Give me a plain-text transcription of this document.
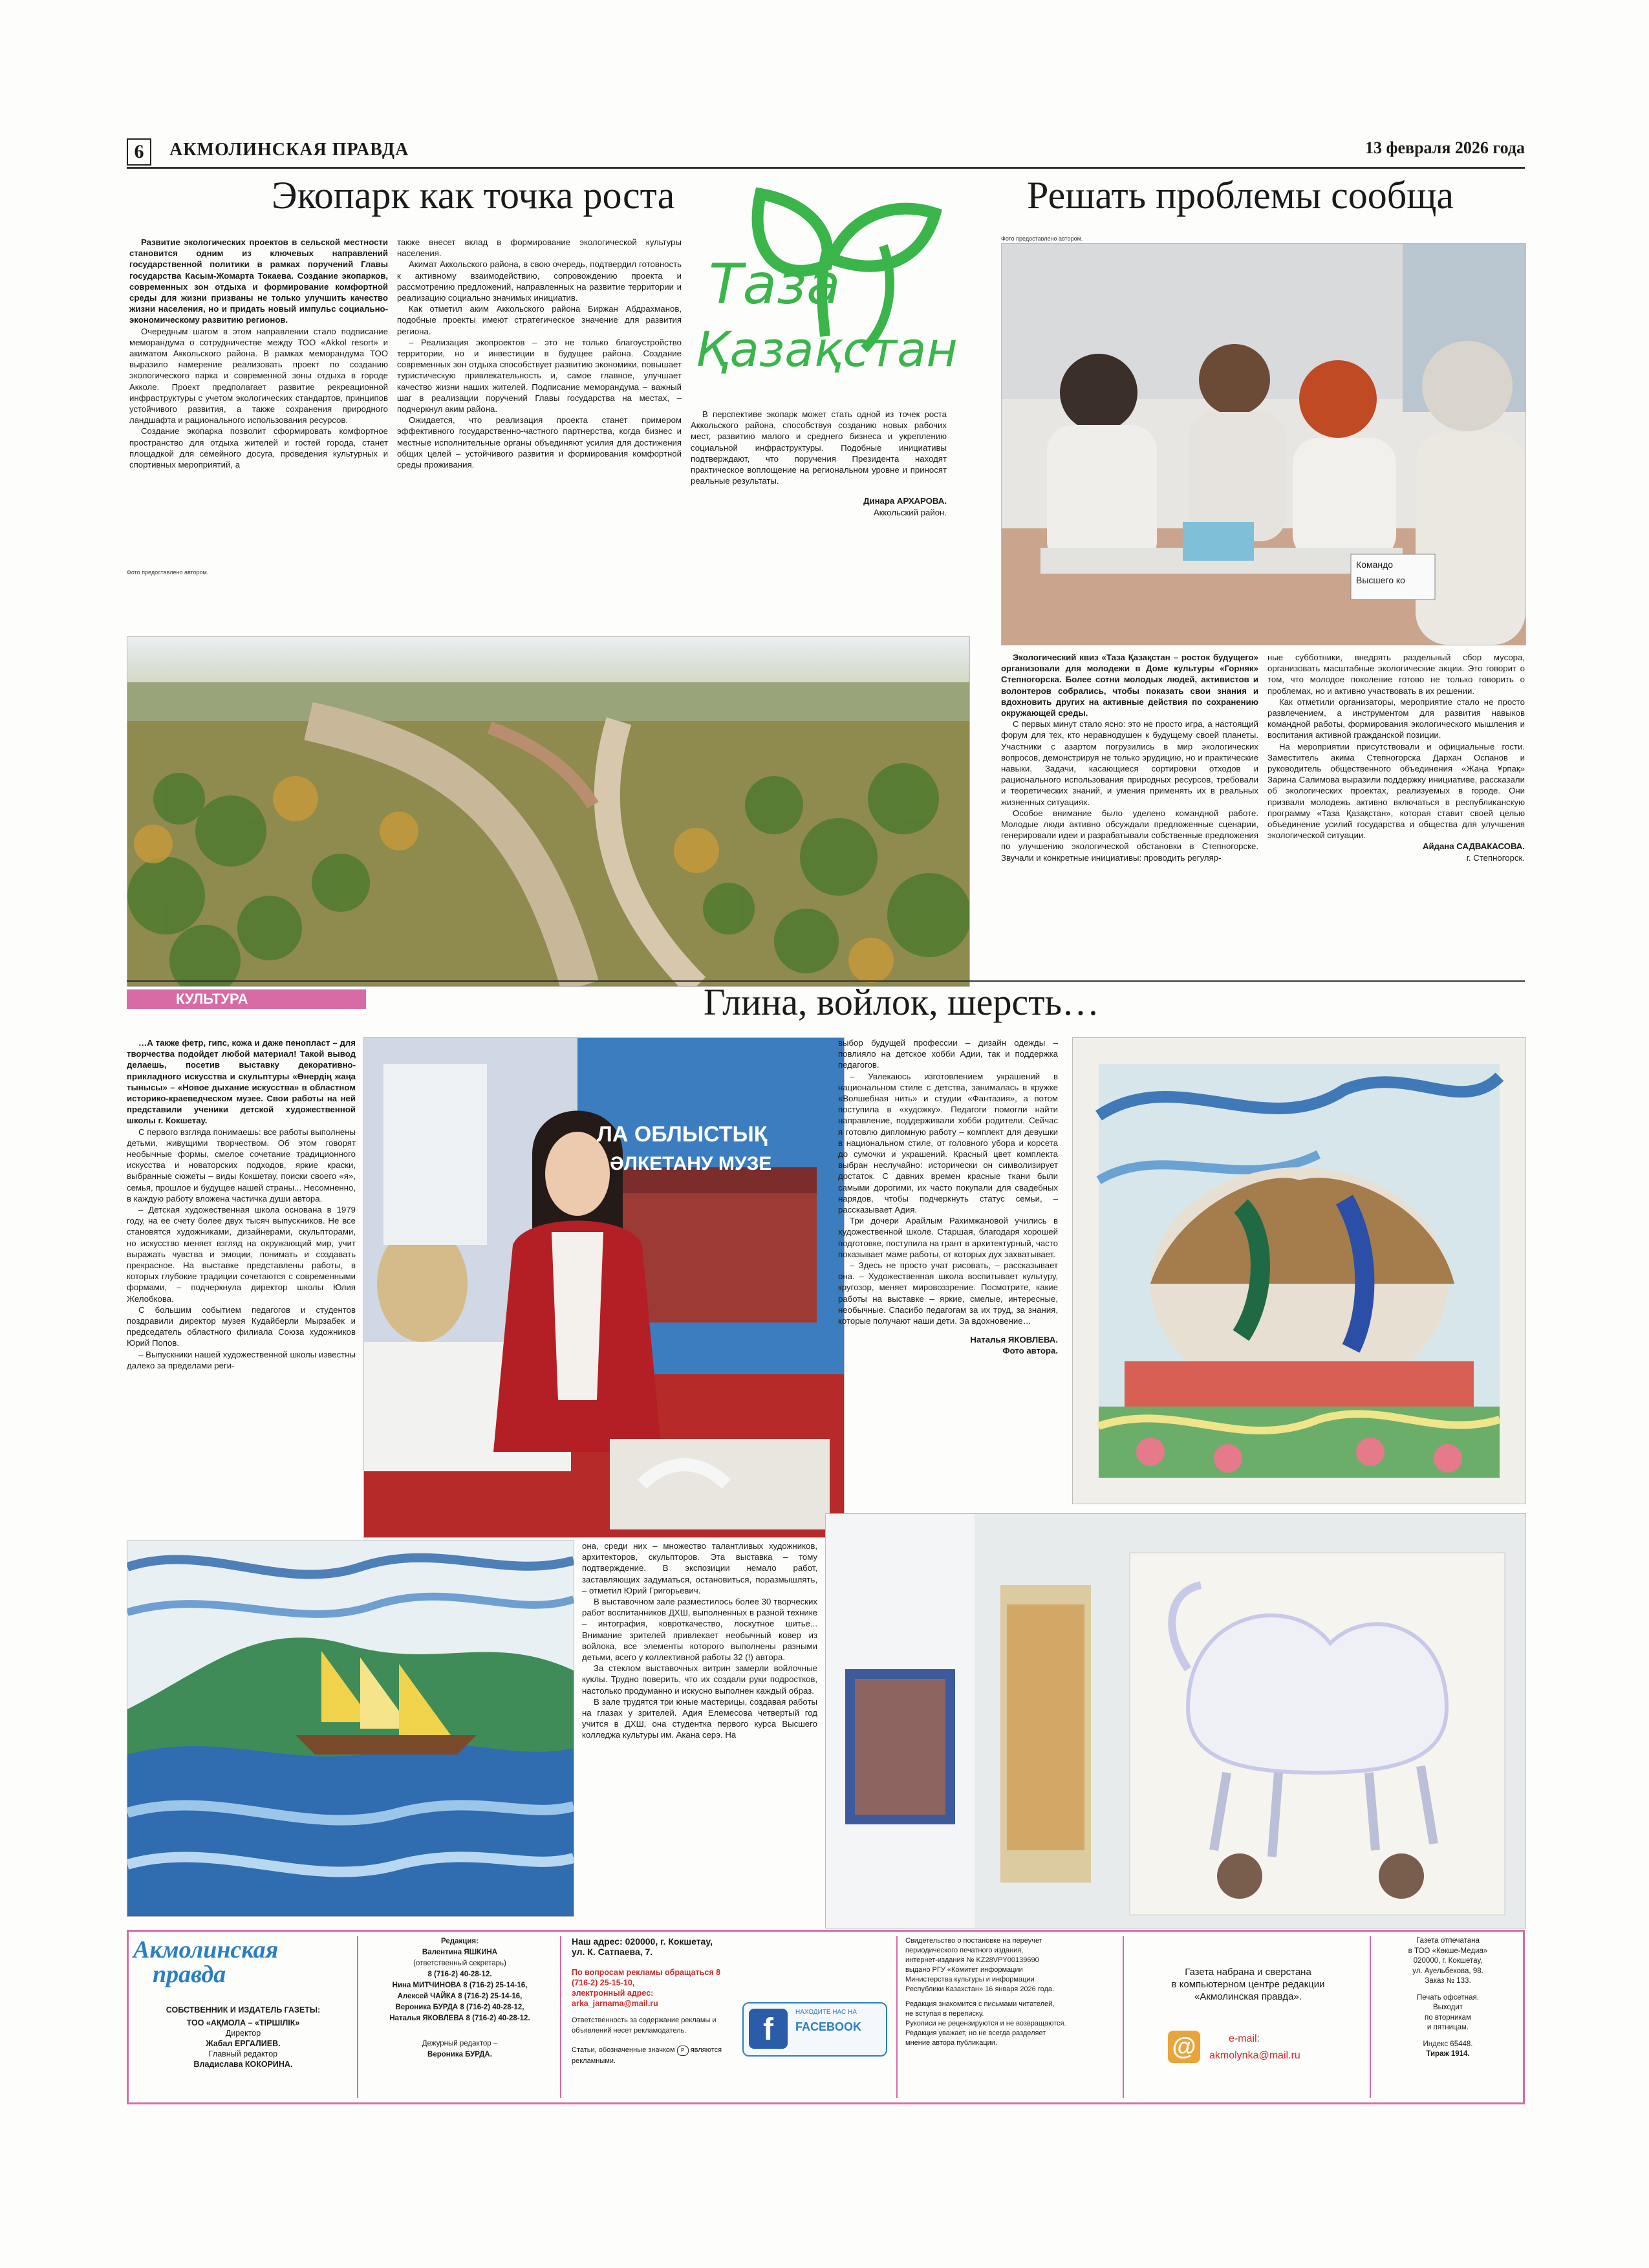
6	АКМОЛИНСКАЯ ПРАВДА	13 февраля 2026 года
Экопарк как точка роста

Развитие экологических проектов в сельской местности становится одним из ключевых направлений государственной политики в рамках поручений Главы государства Касым-Жомарта Токаева. Создание экопарков, современных зон отдыха и формирование комфортной среды для жизни призваны не только улучшить качество жизни населения, но и придать новый импульс социально-экономическому развитию регионов.

Очередным шагом в этом направлении стало подписание меморандума о сотрудничестве между ТОО «Akkol resort» и акиматом Аккольского района. В рамках меморандума ТОО выразило намерение реализовать проект по созданию экологического парка и современной зоны отдыха в городе Акколе. Проект предполагает развитие рекреационной инфраструктуры с учетом экологических стандартов, принципов устойчивого развития, а также сохранения природного ландшафта и рационального использования ресурсов.

Создание экопарка позволит сформировать комфортное пространство для отдыха жителей и гостей города, станет площадкой для семейного досуга, проведения культурных и спортивных мероприятий, а

также внесет вклад в формирование экологической культуры населения.

Акимат Аккольского района, в свою очередь, подтвердил готовность к активному взаимодействию, сопровождению проекта и рассмотрению предложений, направленных на развитие территории и реализацию социально значимых инициатив.

Как отметил аким Аккольского района Биржан Абдрахманов, подобные проекты имеют стратегическое значение для развития региона.

– Реализация экопроектов – это не только благоустройство территории, но и инвестиции в будущее района. Создание современных зон отдыха способствует развитию экономики, повышает туристическую привлекательность и, самое главное, улучшает качество жизни наших жителей. Подписание меморандума – важный шаг в реализации поручений Главы государства на местах, – подчеркнул аким района.

Ожидается, что реализация проекта станет примером эффективного государственно-частного партнерства, когда бизнес и местные исполнительные органы объединяют усилия для достижения общих целей – устойчивого развития и формирования комфортной среды проживания.

В перспективе экопарк может стать одной из точек роста Аккольского района, способствуя созданию новых рабочих мест, развитию малого и среднего бизнеса и укреплению социальной инфраструктуры. Подобные инициативы подтверждают, что поручения Президента находят практическое воплощение на региональном уровне и приносят реальные результаты.

Динара АРХАРОВА.

Аккольский район.

Фото предоставлено автором.
Таза
Қазақстан
Решать проблемы сообща
Фото предоставлено автором.
Командо
Высшего ко

Экологический квиз «Таза Қазақстан – росток будущего» организовали для молодежи в Доме культуры «Горняк» Степногорска. Более сотни молодых людей, активистов и волонтеров собрались, чтобы показать свои знания и вдохновить других на активные действия по сохранению окружающей среды.

С первых минут стало ясно: это не просто игра, а настоящий форум для тех, кто неравнодушен к будущему своей планеты. Участники с азартом погрузились в мир экологических вопросов, демонстрируя не только эрудицию, но и практические навыки. Задачи, касающиеся сортировки отходов и рационального использования природных ресурсов, требовали и теоретических знаний, и умения применять их в реальных жизненных ситуациях.

Особое внимание было уделено командной работе. Молодые люди активно обсуждали предложенные сценарии, генерировали идеи и разрабатывали собственные предложения по улучшению экологической обстановки в Степногорске. Звучали и конкретные инициативы: проводить регуляр-

ные субботники, внедрять раздельный сбор мусора, организовать масштабные экологические акции. Это говорит о том, что молодое поколение готово не только говорить о проблемах, но и активно участвовать в их решении.

Как отметили организаторы, мероприятие стало не просто развлечением, а инструментом для развития навыков командной работы, формирования экологического мышления и воспитания активной гражданской позиции.

На мероприятии присутствовали и официальные гости. Заместитель акима Степногорска Дархан Оспанов и руководитель общественного объединения «Жаңа Ұрпақ» Зарина Салимова выразили поддержку инициативе, рассказали об экологических проектах, реализуемых в городе. Они призвали молодежь активно включаться в республиканскую программу «Таза Қазақстан», которая ставит своей целью объединение усилий государства и общества для улучшения экологической ситуации.

Айдана САДВАКАСОВА.

г. Степногорск.

КУЛЬТУРА	Глина, войлок, шерсть…

…А также фетр, гипс, кожа и даже пенопласт – для творчества подойдет любой материал! Такой вывод делаешь, посетив выставку декоративно-прикладного искусства и скульптуры «Өнердің жаңа тынысы» – «Новое дыхание искусства» в областном историко-краеведческом музее. Свои работы на ней представили ученики детской художественной школы г. Кокшетау.

С первого взгляда понимаешь: все работы выполнены детьми, живущими творчеством. Об этом говорят необычные формы, смелое сочетание традиционного искусства и новаторских подходов, яркие краски, выбранные сюжеты – виды Кокшетау, поиски своего «я», семья, прошлое и будущее нашей страны... Несомненно, в каждую работу вложена частичка души автора.

– Детская художественная школа основана в 1979 году, на ее счету более двух тысяч выпускников. Не все становятся художниками, дизайнерами, скульпторами, но искусство меняет взгляд на окружающий мир, учит выражать чувства и эмоции, понимать и создавать прекрасное. На выставке представлены работы, в которых глубокие традиции сочетаются с современными формами, – подчеркнула директор школы Юлия Желобкова.

С большим событием педагогов и студентов поздравили директор музея Кудайберли Мырзабек и председатель областного филиала Союза художников Юрий Попов.

– Выпускники нашей художественной школы известны далеко за пределами реги-

ЛА ОБЛЫСТЫҚ
ӘЛКЕТАНУ МУЗЕ

выбор будущей профессии – дизайн одежды – повлияло на детское хобби Адии, так и поддержка педагогов.

– Увлекаюсь изготовлением украшений в национальном стиле с детства, занималась в кружке «Волшебная нить» и студии «Фантазия», а потом поступила в «художку». Педагоги помогли найти направление, поддерживали хобби родители. Сейчас я готовлю дипломную работу – комплект для девушки в национальном стиле, от головного убора и корсета до сумочки и украшений. Красный цвет комплекта выбран неслучайно: исторически он символизирует достаток. С давних времен красные ткани были самыми дорогими, их часто покупали для свадебных нарядов, чтобы подчеркнуть статус семьи, – рассказывает Адия.

Три дочери Арайлым Рахимжановой учились в художественной школе. Старшая, благодаря хорошей подготовке, поступила на грант в архитектурный, часто показывает маме работы, от которых дух захватывает.

– Здесь не просто учат рисовать, – рассказывает она. – Художественная школа воспитывает культуру, кругозор, меняет мировоззрение. Посмотрите, какие работы на выставке – яркие, смелые, интересные, необычные. Спасибо педагогам за их труд, за знания, которые получают наши дети. За вдохновение…

Наталья ЯКОВЛЕВА.

Фото автора.

она, среди них – множество талантливых художников, архитекторов, скульпторов. Эта выставка – тому подтверждение. В экспозиции немало работ, заставляющих задуматься, остановиться, поразмышлять, – отметил Юрий Григорьевич.

В выставочном зале разместилось более 30 творческих работ воспитанников ДХШ, выполненных в разной технике – интография, ковроткачество, лоскутное шитье... Внимание зрителей привлекает необычный ковер из войлока, все элементы которого выполнены разными детьми, всего у коллективной работы 32 (!) автора.

За стеклом выставочных витрин замерли войлочные куклы. Трудно поверить, что их создали руки подростков, настолько продуманно и искусно выполнен каждый образ.

В зале трудятся три юные мастерицы, создавая работы на глазах у зрителей. Адия Елемесова четвертый год учится в ДХШ, она студентка первого курса Высшего колледжа культуры им. Акана серэ. На

Акмолинская
правда
СОБСТВЕННИК И ИЗДАТЕЛЬ ГАЗЕТЫ:
ТОО «АҚМОЛА – «ТІРШІЛІК»
Директор
Жабал ЕРГАЛИЕВ.
Главный редактор
Владислава КОКОРИНА.
Редакция:
Валентина ЯШКИНА
(ответственный секретарь)
8 (716-2) 40-28-12.
Нина МИТЧИНОВА 8 (716-2) 25-14-16,
Алексей ЧАЙКА 8 (716-2) 25-14-16,
Вероника БУРДА 8 (716-2) 40-28-12,
Наталья ЯКОВЛЕВА 8 (716-2) 40-28-12.
Дежурный редактор –
Вероника БУРДА.
Наш адрес: 020000, г. Кокшетау,
ул. К. Сатпаева, 7.
По вопросам рекламы обращаться 8 (716-2) 25-15-10,
электронный адрес:
arka_jarnama@mail.ru
Ответственность за содержание рекламы и объявлений несет рекламодатель.
Статьи, обозначенные значком P являются рекламными.
f
НАХОДИТЕ НАС НА
FACEBOOK
Свидетельство о постановке на переучет
периодического печатного издания,
интернет-издания № KZ28VPY00139690
выдано РГУ «Комитет информации
Министерства культуры и информации
Республики Казахстан» 16 января 2026 года.
Редакция знакомится с письмами читателей,
не вступая в переписку.
Рукописи не рецензируются и не возвращаются.
Редакция уважает, но не всегда разделяет
мнение автора публикации.
Газета набрана и сверстана
в компьютерном центре редакции
«Акмолинская правда».
@	e-mail:
akmolynka@mail.ru
Газета отпечатана
в ТОО «Көкше-Медиа»
020000, г. Кокшетау,
ул. Ауельбекова, 98.
Заказ № 133.
Печать офсетная.
Выходит
по вторникам
и пятницам.
Индекс 65448.
Тираж 1914.
